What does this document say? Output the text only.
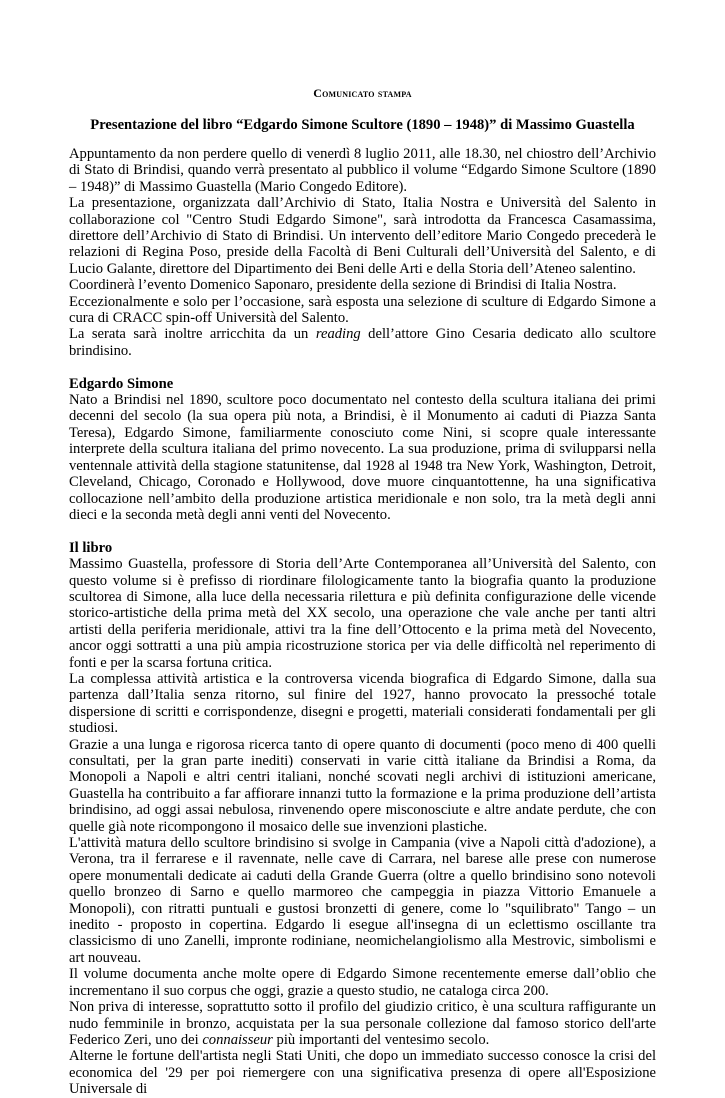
Comunicato stampa
Presentazione del libro “Edgardo Simone Scultore (1890 – 1948)” di Massimo Guastella

Appuntamento da non perdere quello di venerdì 8 luglio 2011, alle 18.30, nel chiostro dell’Archivio di Stato di Brindisi, quando verrà presentato al pubblico il volume “Edgardo Simone Scultore (1890 – 1948)” di Massimo Guastella (Mario Congedo Editore).

La presentazione, organizzata dall’Archivio di Stato, Italia Nostra e Università del Salento in collaborazione col "Centro Studi Edgardo Simone", sarà introdotta da Francesca Casamassima, direttore dell’Archivio di Stato di Brindisi. Un intervento dell’editore Mario Congedo precederà le relazioni di Regina Poso, preside della Facoltà di Beni Culturali dell’Università del Salento, e di Lucio Galante, direttore del Dipartimento dei Beni delle Arti e della Storia dell’Ateneo salentino.

Coordinerà l’evento Domenico Saponaro, presidente della sezione di Brindisi di Italia Nostra.

Eccezionalmente e solo per l’occasione, sarà esposta una selezione di sculture di Edgardo Simone a cura di CRACC spin-off Università del Salento.

La serata sarà inoltre arricchita da un reading dell’attore Gino Cesaria dedicato allo scultore brindisino.

Edgardo Simone

Nato a Brindisi nel 1890, scultore poco documentato nel contesto della scultura italiana dei primi decenni del secolo (la sua opera più nota, a Brindisi, è il Monumento ai caduti di Piazza Santa Teresa), Edgardo Simone, familiarmente conosciuto come Nini, si scopre quale interessante interprete della scultura italiana del primo novecento. La sua produzione, prima di svilupparsi nella ventennale attività della stagione statunitense, dal 1928 al 1948 tra New York, Washington, Detroit, Cleveland, Chicago, Coronado e Hollywood, dove muore cinquantottenne, ha una significativa collocazione nell’ambito della produzione artistica meridionale e non solo, tra la metà degli anni dieci e la seconda metà degli anni venti del Novecento.

Il libro

Massimo Guastella, professore di Storia dell’Arte Contemporanea all’Università del Salento, con questo volume si è prefisso di riordinare filologicamente tanto la biografia quanto la produzione scultorea di Simone, alla luce della necessaria rilettura e più definita configurazione delle vicende storico-artistiche della prima metà del XX secolo, una operazione che vale anche per tanti altri artisti della periferia meridionale, attivi tra la fine dell’Ottocento e la prima metà del Novecento, ancor oggi sottratti a una più ampia ricostruzione storica per via delle difficoltà nel reperimento di fonti e per la scarsa fortuna critica.

La complessa attività artistica e la controversa vicenda biografica di Edgardo Simone, dalla sua partenza dall’Italia senza ritorno, sul finire del 1927, hanno provocato la pressoché totale dispersione di scritti e corrispondenze, disegni e progetti, materiali considerati fondamentali per gli studiosi.

Grazie a una lunga e rigorosa ricerca tanto di opere quanto di documenti (poco meno di 400 quelli consultati, per la gran parte inediti) conservati in varie città italiane da Brindisi a Roma, da Monopoli a Napoli e altri centri italiani, nonché scovati negli archivi di istituzioni americane, Guastella ha contribuito a far affiorare innanzi tutto la formazione e la prima produzione dell’artista brindisino, ad oggi assai nebulosa, rinvenendo opere misconosciute e altre andate perdute, che con quelle già note ricompongono il mosaico delle sue invenzioni plastiche.

L'attività matura dello scultore brindisino si svolge in Campania (vive a Napoli città d'adozione), a Verona, tra il ferrarese e il ravennate, nelle cave di Carrara, nel barese alle prese con numerose opere monumentali dedicate ai caduti della Grande Guerra (oltre a quello brindisino sono notevoli quello bronzeo di Sarno e quello marmoreo che campeggia in piazza Vittorio Emanuele a Monopoli), con ritratti puntuali e gustosi bronzetti di genere, come lo "squilibrato" Tango – un inedito - proposto in copertina. Edgardo li esegue all'insegna di un eclettismo oscillante tra classicismo di uno Zanelli, impronte rodiniane, neomichelangiolismo alla Mestrovic, simbolismi e art nouveau.

Il volume documenta anche molte opere di Edgardo Simone recentemente emerse dall’oblio che incrementano il suo corpus che oggi, grazie a questo studio, ne cataloga circa 200.

Non priva di interesse, soprattutto sotto il profilo del giudizio critico, è una scultura raffigurante un nudo femminile in bronzo, acquistata per la sua personale collezione dal famoso storico dell'arte Federico Zeri, uno dei connaisseur più importanti del ventesimo secolo.

Alterne le fortune dell'artista negli Stati Uniti, che dopo un immediato successo conosce la crisi del economica del '29 per poi riemergere con una significativa presenza di opere all'Esposizione Universale di
